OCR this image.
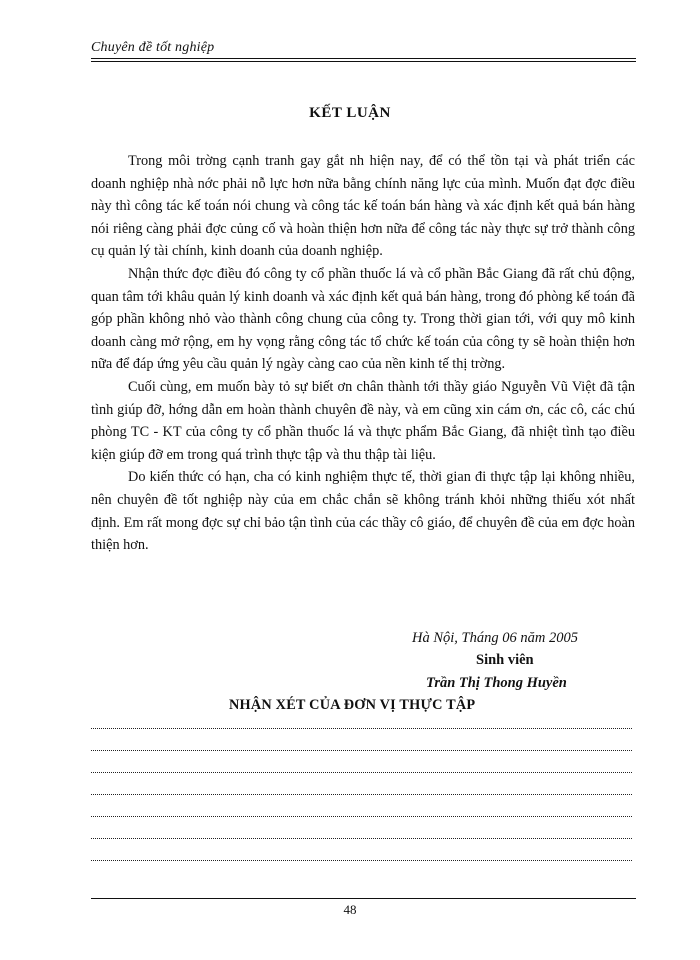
Chuyên đề tốt nghiệp
KẾT LUẬN

Trong môi trờng cạnh tranh gay gắt nh hiện nay, để có thể tồn tại và phát triển các doanh nghiệp nhà nớc phải nỗ lực hơn nữa bằng chính năng lực của mình. Muốn đạt đợc điều này thì công tác kế toán nói chung và công tác kế toán bán hàng và xác định kết quả bán hàng nói riêng càng phải đợc củng cố và hoàn thiện hơn nữa để công tác này thực sự trở thành công cụ quản lý tài chính, kinh doanh của doanh nghiệp.

Nhận thức đợc điều đó công ty cổ phần thuốc lá và cổ phần Bắc Giang đã rất chủ động, quan tâm tới khâu quản lý kinh doanh và xác định kết quả bán hàng, trong đó phòng kế toán đã góp phần không nhỏ vào thành công chung của công ty. Trong thời gian tới, với quy mô kinh doanh càng mở rộng, em hy vọng rằng công tác tổ chức kế toán của công ty sẽ hoàn thiện hơn nữa để đáp ứng yêu cầu quản lý ngày càng cao của nền kinh tế thị trờng.

Cuối cùng, em muốn bày tỏ sự biết ơn chân thành tới thầy giáo Nguyễn Vũ Việt đã tận tình giúp đỡ, hớng dẫn em hoàn thành chuyên đề này, và em cũng xin cám ơn, các cô, các chú phòng TC - KT của công ty cổ phần thuốc lá và thực phẩm Bắc Giang, đã nhiệt tình tạo điều kiện giúp đỡ em trong quá trình thực tập và thu thập tài liệu.

Do kiến thức có hạn, cha có kinh nghiệm thực tế, thời gian đi thực tập lại không nhiều, nên chuyên đề tốt nghiệp này của em chắc chắn sẽ không tránh khỏi những thiếu xót nhất định. Em rất mong đợc sự chỉ bảo tận tình của các thầy cô giáo, để chuyên đề của em đợc hoàn thiện hơn.

Hà Nội, Tháng 06 năm 2005
Sinh viên
Trần Thị Thong Huyền
NHẬN XÉT CỦA ĐƠN VỊ THỰC TẬP
48
